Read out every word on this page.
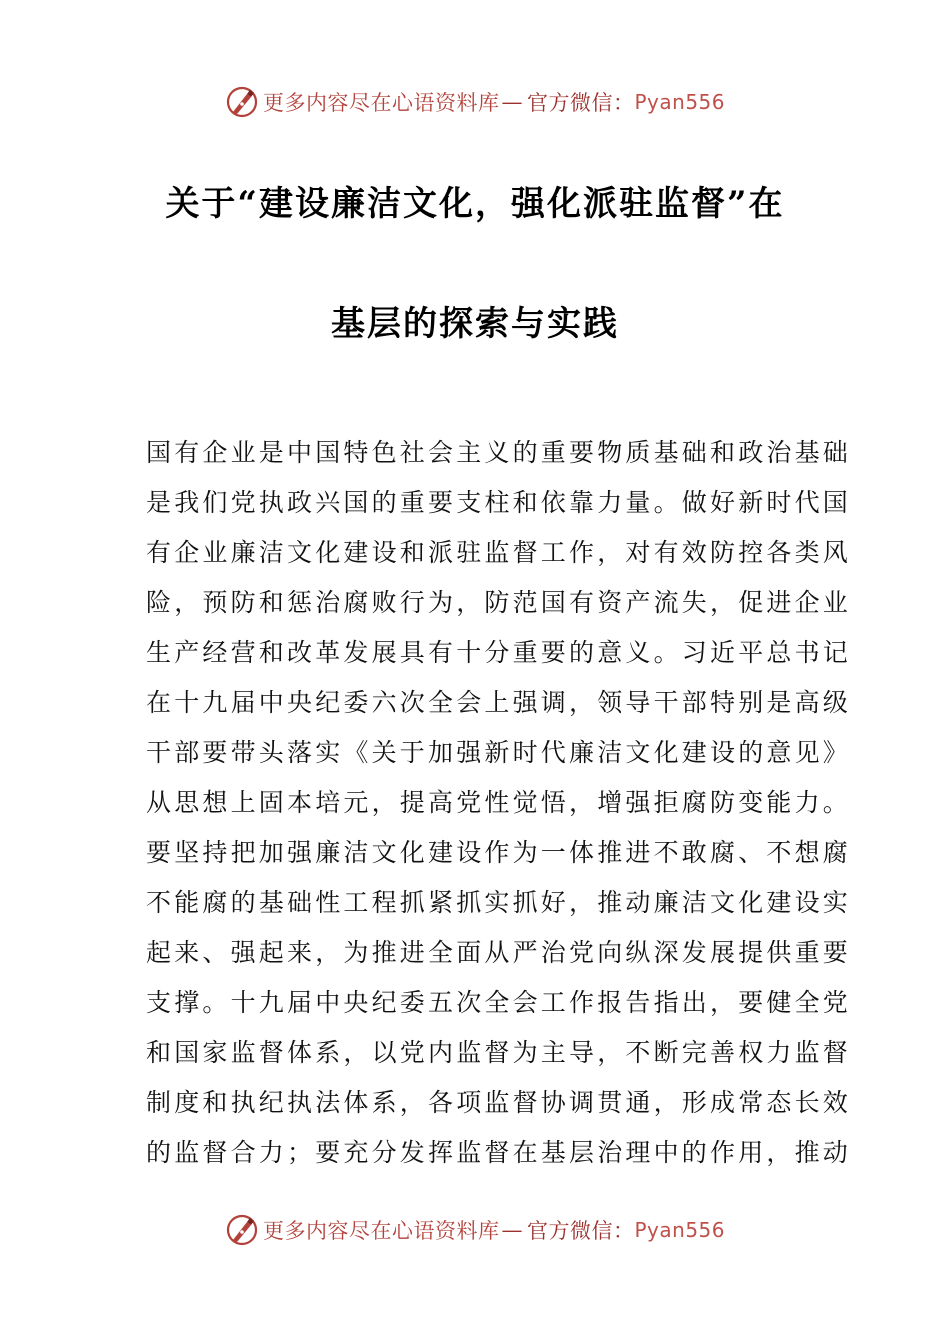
更多内容尽在心语资料库 — 官方微信： Pyan556
关于“建设廉洁文化，强化派驻监督”在
基层的探索与实践

国有企业是中国特色社会主义的重要物质基础和政治基础
是我们党执政兴国的重要支柱和依靠力量。做好新时代国
有企业廉洁文化建设和派驻监督工作，对有效防控各类风
险，预防和惩治腐败行为，防范国有资产流失，促进企业
生产经营和改革发展具有十分重要的意义。习近平总书记
在十九届中央纪委六次全会上强调，领导干部特别是高级
干部要带头落实《关于加强新时代廉洁文化建设的意见》
从思想上固本培元，提高党性觉悟，增强拒腐防变能力。
要坚持把加强廉洁文化建设作为一体推进不敢腐、不想腐
不能腐的基础性工程抓紧抓实抓好，推动廉洁文化建设实
起来、强起来，为推进全面从严治党向纵深发展提供重要
支撑。十九届中央纪委五次全会工作报告指出，要健全党
和国家监督体系，以党内监督为主导，不断完善权力监督
制度和执纪执法体系，各项监督协调贯通，形成常态长效
的监督合力；要充分发挥监督在基层治理中的作用，推动

更多内容尽在心语资料库 — 官方微信： Pyan556
